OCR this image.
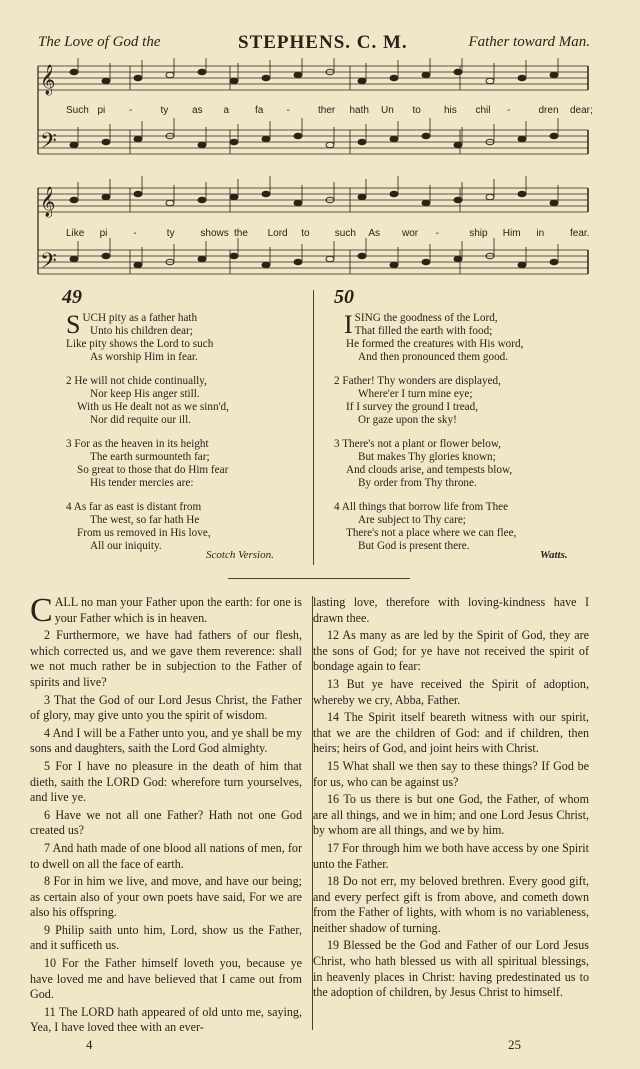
The Love of God the	STEPHENS. C. M.	Father toward Man.
𝄞
𝄢
𝄞
𝄢
Such pi -	ty as a	fa -	ther hath Un to his chil -	dren dear;
Like pi	-	ty	shows the Lord to	such As wor -	ship Him in	fear.
49
S UCH pity as a father hath
Unto his children dear;
Like pity shows the Lord to such
As worship Him in fear.
2 He will not chide continually,
Nor keep His anger still.
With us He dealt not as we sinn'd,
Nor did requite our ill.
3 For as the heaven in its height
The earth surmounteth far;
So great to those that do Him fear
His tender mercies are:
4 As far as east is distant from
The west, so far hath He
From us removed in His love,
All our iniquity.
Scotch Version.
50
I SING the goodness of the Lord,
That filled the earth with food;
He formed the creatures with His word,
And then pronounced them good.
2 Father! Thy wonders are displayed,
Where'er I turn mine eye;
If I survey the ground I tread,
Or gaze upon the sky!
3 There's not a plant or flower below,
But makes Thy glories known;
And clouds arise, and tempests blow,
By order from Thy throne.
4 All things that borrow life from Thee
Are subject to Thy care;
There's not a place where we can flee,
But God is present there.
Watts.

CALL no man your Father upon the earth: for one is your Father which is in heaven.

2 Furthermore, we have had fathers of our flesh, which corrected us, and we gave them reverence: shall we not much rather be in subjection to the Father of spirits and live?

3 That the God of our Lord Jesus Christ, the Father of glory, may give unto you the spirit of wisdom.

4 And I will be a Father unto you, and ye shall be my sons and daughters, saith the Lord God almighty.

5 For I have no pleasure in the death of him that dieth, saith the LORD God: wherefore turn yourselves, and live ye.

6 Have we not all one Father? Hath not one God created us?

7 And hath made of one blood all nations of men, for to dwell on all the face of earth.

8 For in him we live, and move, and have our being; as certain also of your own poets have said, For we are also his offspring.

9 Philip saith unto him, Lord, show us the Father, and it sufficeth us.

10 For the Father himself loveth you, because ye have loved me and have believed that I came out from God.

11 The LORD hath appeared of old unto me, saying, Yea, I have loved thee with an ever-

lasting love, therefore with loving-kindness have I drawn thee.

12 As many as are led by the Spirit of God, they are the sons of God; for ye have not received the spirit of bondage again to fear:

13 But ye have received the Spirit of adoption, whereby we cry, Abba, Father.

14 The Spirit itself beareth witness with our spirit, that we are the children of God: and if children, then heirs; heirs of God, and joint heirs with Christ.

15 What shall we then say to these things? If God be for us, who can be against us?

16 To us there is but one God, the Father, of whom are all things, and we in him; and one Lord Jesus Christ, by whom are all things, and we by him.

17 For through him we both have access by one Spirit unto the Father.

18 Do not err, my beloved brethren. Every good gift, and every perfect gift is from above, and cometh down from the Father of lights, with whom is no variableness, neither shadow of turning.

19 Blessed be the God and Father of our Lord Jesus Christ, who hath blessed us with all spiritual blessings, in heavenly places in Christ: having predestinated us to the adoption of children, by Jesus Christ to himself.

4	25
